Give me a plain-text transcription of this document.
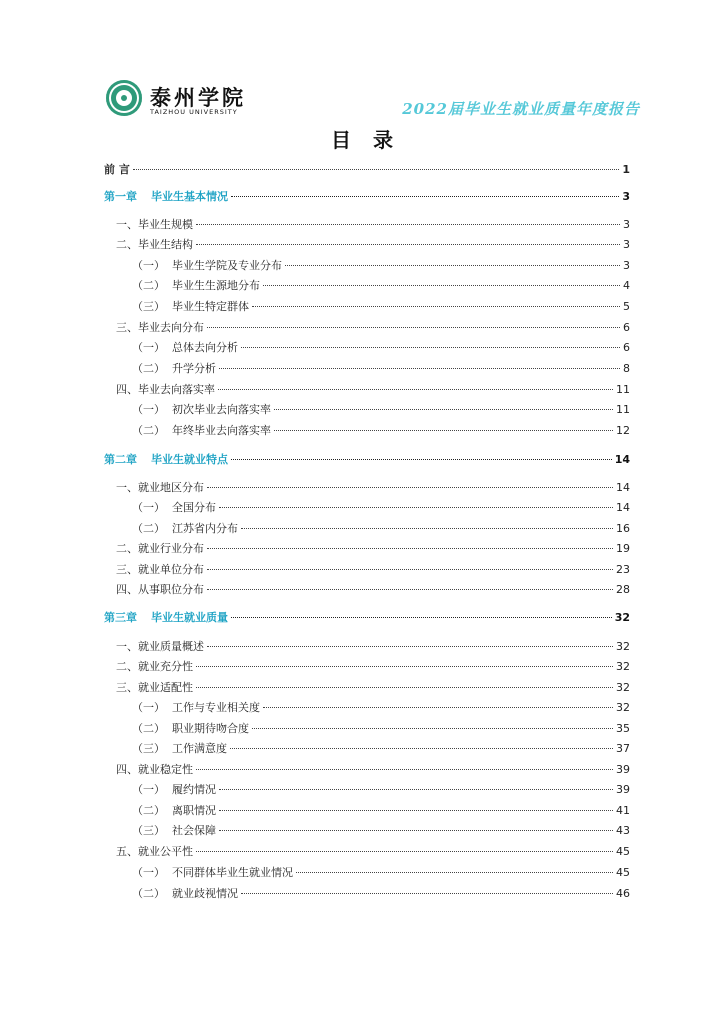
泰州学院
TAIZHOU UNIVERSITY	2022届毕业生就业质量年度报告
目录
前 言	1
第一章 毕业生基本情况	3
一、毕业生规模	3
二、毕业生结构	3
（一） 毕业生学院及专业分布	3
（二） 毕业生生源地分布	4
（三） 毕业生特定群体	5
三、毕业去向分布	6
（一） 总体去向分析	6
（二） 升学分析	8
四、毕业去向落实率	11
（一） 初次毕业去向落实率	11
（二） 年终毕业去向落实率	12
第二章 毕业生就业特点	14
一、就业地区分布	14
（一） 全国分布	14
（二） 江苏省内分布	16
二、就业行业分布	19
三、就业单位分布	23
四、从事职位分布	28
第三章 毕业生就业质量	32
一、就业质量概述	32
二、就业充分性	32
三、就业适配性	32
（一） 工作与专业相关度	32
（二） 职业期待吻合度	35
（三） 工作满意度	37
四、就业稳定性	39
（一） 履约情况	39
（二） 离职情况	41
（三） 社会保障	43
五、就业公平性	45
（一） 不同群体毕业生就业情况	45
（二） 就业歧视情况	46
